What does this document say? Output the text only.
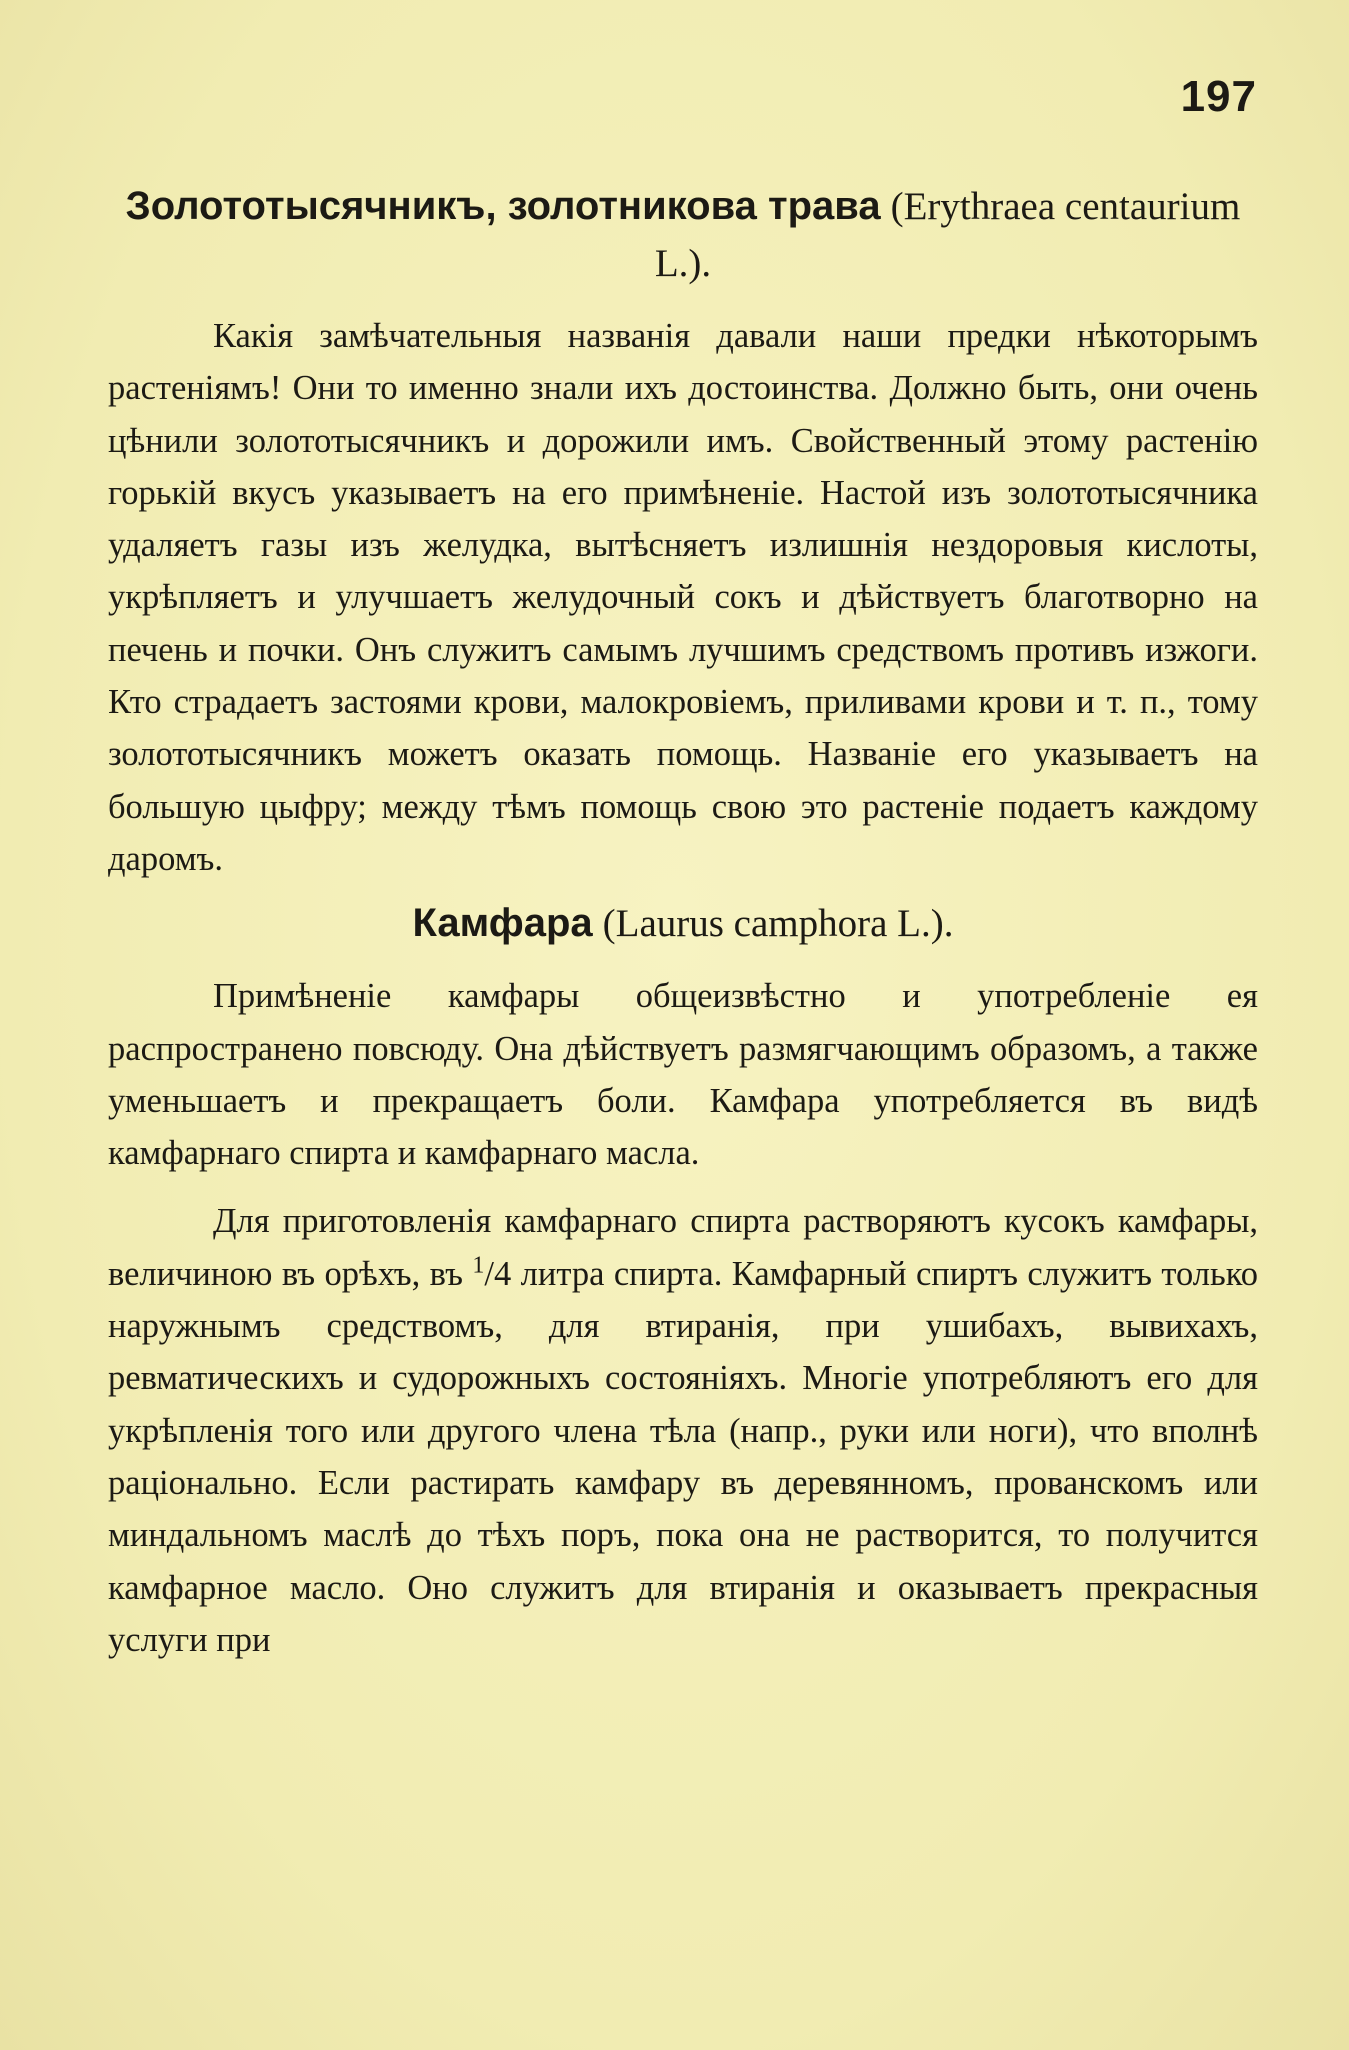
197
Золототысячникъ, золотникова трава (Erythraea centaurium L.).

Какія замѣчательныя названія давали наши предки нѣкоторымъ растеніямъ! Они то именно знали ихъ достоинства. Должно быть, они очень цѣнили золототысячникъ и дорожили имъ. Свойственный этому растенію горькій вкусъ указываетъ на его примѣненіе. Настой изъ золототысячника удаляетъ газы изъ желудка, вытѣсняетъ излишнія нездоровыя кислоты, укрѣпляетъ и улучшаетъ желудочный сокъ и дѣйствуетъ благотворно на печень и почки. Онъ служитъ самымъ лучшимъ средствомъ противъ изжоги. Кто страдаетъ застоями крови, малокровіемъ, приливами крови и т. п., тому золототысячникъ можетъ оказать помощь. Названіе его указываетъ на большую цыфру; между тѣмъ помощь свою это растеніе подаетъ каждому даромъ.

Камфара (Laurus camphora L.).

Примѣненіе камфары общеизвѣстно и употребленіе ея распространено повсюду. Она дѣйствуетъ размягчающимъ образомъ, а также уменьшаетъ и прекращаетъ боли. Камфара употребляется въ видѣ камфарнаго спирта и камфарнаго масла.

Для приготовленія камфарнаго спирта растворяютъ кусокъ камфары, величиною въ орѣхъ, въ $^1$/4 литра спирта. Камфарный спиртъ служитъ только наружнымъ средствомъ, для втиранія, при ушибахъ, вывихахъ, ревматическихъ и судорожныхъ состояніяхъ. Многіе употребляютъ его для укрѣпленія того или другого члена тѣла (напр., руки или ноги), что вполнѣ раціонально. Если растирать камфару въ деревянномъ, прованскомъ или миндальномъ маслѣ до тѣхъ поръ, пока она не растворится, то получится камфарное масло. Оно служитъ для втиранія и оказываетъ прекрасныя услуги при
